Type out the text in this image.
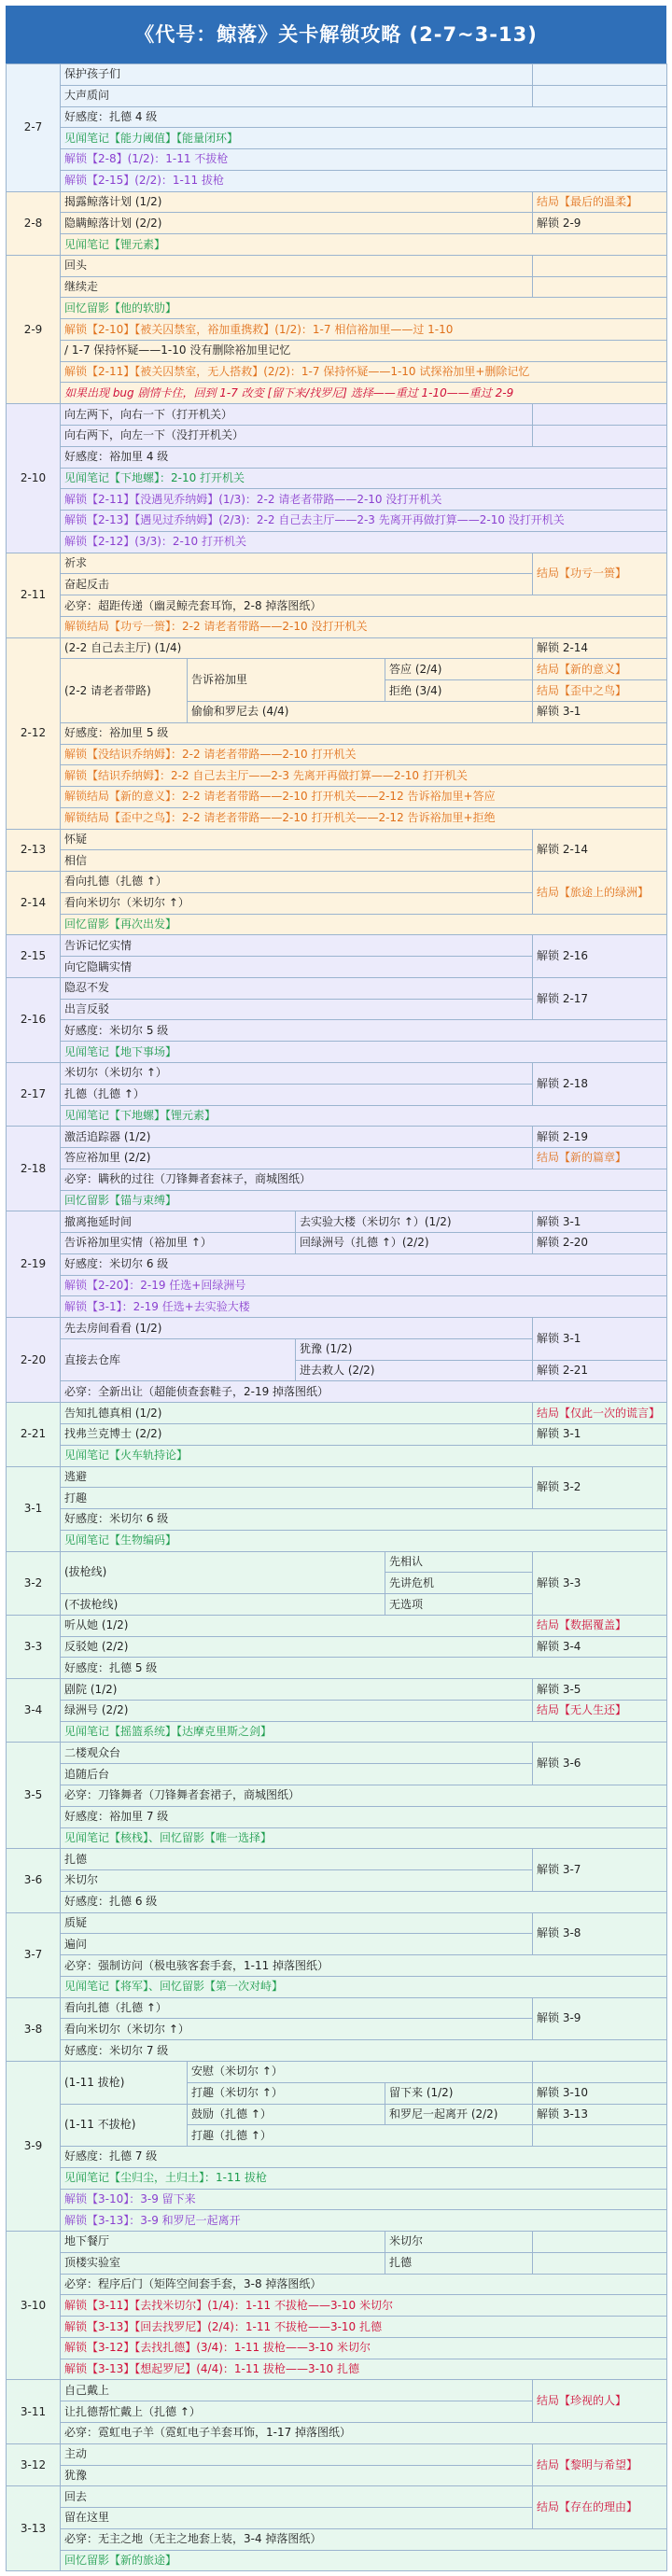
《代号：鲸落》关卡解锁攻略 (2-7~3-13)
2-7	保护孩子们				
	大声质问				
	好感度：扎德 4 级				
	见闻笔记【能力阈值】【能量闭环】				
	解锁【2-8】(1/2)：1-11 不拔枪				
	解锁【2-15】(2/2)：1-11 拔枪				
2-8	揭露鲸落计划 (1/2)				结局【最后的温柔】
	隐瞒鲸落计划 (2/2)				解锁 2-9
	见闻笔记【锂元素】				
2-9	回头				
	继续走				
	回忆留影【他的软肋】				
	解锁【2-10】【被关囚禁室，裕加重携救】(1/2)：1-7 相信裕加里——过 1-10				
	/ 1-7 保持怀疑——1-10 没有删除裕加里记忆				
	解锁【2-11】【被关囚禁室，无人搭救】(2/2)：1-7 保持怀疑——1-10 试探裕加里+删除记忆				
	如果出现 bug 剧情卡住，回到 1-7 改变 [留下来/找罗尼] 选择——重过 1-10——重过 2-9				
2-10	向左两下，向右一下（打开机关）				
	向右两下，向左一下（没打开机关）				
	好感度：裕加里 4 级				
	见闻笔记【下地螺】：2-10 打开机关				
	解锁【2-11】【没遇见乔纳姆】(1/3)：2-2 请老者带路——2-10 没打开机关				
	解锁【2-13】【遇见过乔纳姆】(2/3)：2-2 自己去主厅——2-3 先离开再做打算——2-10 没打开机关				
	解锁【2-12】(3/3)：2-10 打开机关				
2-11	祈求				结局【功亏一篑】
	奋起反击				
	必穿：超距传递（幽灵鲸壳套耳饰，2-8 掉落图纸）				
	解锁结局【功亏一篑】：2-2 请老者带路——2-10 没打开机关				
2-12	(2-2 自己去主厅) (1/4)				解锁 2-14
	(2-2 请老者带路)	告诉裕加里		答应 (2/4)	结局【新的意义】
				拒绝 (3/4)	结局【歪中之鸟】
		偷偷和罗尼去 (4/4)			解锁 3-1
	好感度：裕加里 5 级				
	解锁【没结识乔纳姆】：2-2 请老者带路——2-10 打开机关				
	解锁【结识乔纳姆】：2-2 自己去主厅——2-3 先离开再做打算——2-10 打开机关				
	解锁结局【新的意义】：2-2 请老者带路——2-10 打开机关——2-12 告诉裕加里+答应				
	解锁结局【歪中之鸟】：2-2 请老者带路——2-10 打开机关——2-12 告诉裕加里+拒绝				
2-13	怀疑				解锁 2-14
	相信				
2-14	看向扎德（扎德 ↑）				结局【旅途上的绿洲】
	看向米切尔（米切尔 ↑）				
	回忆留影【再次出发】				
2-15	告诉记忆实情				解锁 2-16
	向它隐瞒实情				
2-16	隐忍不发				解锁 2-17
	出言反驳				
	好感度：米切尔 5 级				
	见闻笔记【地下事场】				
2-17	米切尔（米切尔 ↑）				解锁 2-18
	扎德（扎德 ↑）				
	见闻笔记【下地螺】【锂元素】				
2-18	激活追踪器 (1/2)				解锁 2-19
	答应裕加里 (2/2)				结局【新的篇章】
	必穿：瞒秋的过往（刀锋舞者套袜子，商城图纸）				
	回忆留影【锚与束缚】				
2-19	撤离拖延时间		去实验大楼（米切尔 ↑）(1/2)		解锁 3-1
	告诉裕加里实情（裕加里 ↑）		回绿洲号（扎德 ↑）(2/2)		解锁 2-20
	好感度：米切尔 6 级				
	解锁【2-20】：2-19 任选+回绿洲号				
	解锁【3-1】：2-19 任选+去实验大楼				
2-20	先去房间看看 (1/2)				解锁 3-1
	直接去仓库		犹豫 (1/2)		
			进去救人 (2/2)		解锁 2-21
	必穿：全新出让（超能侦查套鞋子，2-19 掉落图纸）				
2-21	告知扎德真相 (1/2)				结局【仅此一次的谎言】
	找弗兰克博士 (2/2)				解锁 3-1
	见闻笔记【火车轨持论】				
3-1	逃避				解锁 3-2
	打趣				
	好感度：米切尔 6 级				
	见闻笔记【生物编码】				
3-2	(拔枪线)			先相认	解锁 3-3
				先讲危机	
	(不拔枪线)			无选项	
3-3	听从她 (1/2)				结局【数据覆盖】
	反驳她 (2/2)				解锁 3-4
	好感度：扎德 5 级				
3-4	剧院 (1/2)				解锁 3-5
	绿洲号 (2/2)				结局【无人生还】
	见闻笔记【摇篮系统】【达摩克里斯之剑】				
3-5	二楼观众台				解锁 3-6
	追随后台				
	必穿：刀锋舞者（刀锋舞者套裙子，商城图纸）				
	好感度：裕加里 7 级				
	见闻笔记【核栈】、回忆留影【唯一选择】				
3-6	扎德				解锁 3-7
	米切尔				
	好感度：扎德 6 级				
3-7	质疑				解锁 3-8
	遍问				
	必穿：强制访问（极电骇客套手套，1-11 掉落图纸）				
	见闻笔记【将军】、回忆留影【第一次对峙】				
3-8	看向扎德（扎德 ↑）				解锁 3-9
	看向米切尔（米切尔 ↑）				
	好感度：米切尔 7 级				
3-9	(1-11 拔枪)	安慰（米切尔 ↑）			
		打趣（米切尔 ↑）		留下来 (1/2)	解锁 3-10
	(1-11 不拔枪)	鼓励（扎德 ↑）		和罗尼一起离开 (2/2)	解锁 3-13
		打趣（扎德 ↑）			
	好感度：扎德 7 级				
	见闻笔记【尘归尘，土归土】：1-11 拔枪				
	解锁【3-10】：3-9 留下来				
	解锁【3-13】：3-9 和罗尼一起离开				
3-10	地下餐厅			米切尔	
	顶楼实验室			扎德	
	必穿：程序后门（矩阵空间套手套，3-8 掉落图纸）				
	解锁【3-11】【去找米切尔】(1/4)：1-11 不拔枪——3-10 米切尔				
	解锁【3-13】【回去找罗尼】(2/4)：1-11 不拔枪——3-10 扎德				
	解锁【3-12】【去找扎德】(3/4)：1-11 拔枪——3-10 米切尔				
	解锁【3-13】【想起罗尼】(4/4)：1-11 拔枪——3-10 扎德				
3-11	自己戴上				结局【珍视的人】
	让扎德帮忙戴上（扎德 ↑）				
	必穿：霓虹电子羊（霓虹电子羊套耳饰，1-17 掉落图纸）				
3-12	主动				结局【黎明与希望】
	犹豫				
3-13	回去				结局【存在的理由】
	留在这里				
	必穿：无主之地（无主之地套上装，3-4 掉落图纸）				
	回忆留影【新的旅途】				
